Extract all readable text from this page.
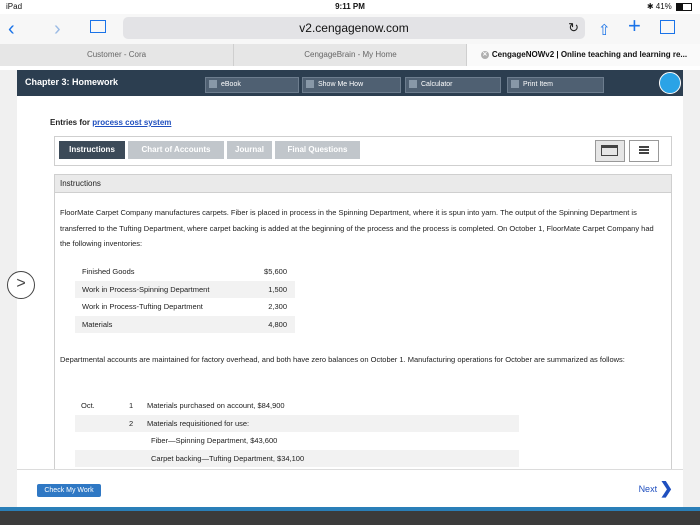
iPad	9:11 PM	✱ 41%
‹ ›	v2.cengagenow.com	↻ ⇧ +
Customer - Cora	CengageBrain - My Home	✕ CengageNOWv2 | Online teaching and learning re...
Chapter 3: Homework	eBook	Show Me How	Calculator	Print Item
Entries for process cost system
Instructions	Chart of Accounts	Journal	Final Questions
Instructions
FloorMate Carpet Company manufactures carpets. Fiber is placed in process in the Spinning Department, where it is spun into yarn. The output of the Spinning Department is transferred to the Tufting Department, where carpet backing is added at the beginning of the process and the process is completed. On October 1, FloorMate Carpet Company had the following inventories:
Finished Goods	$5,600
Work in Process-Spinning Department	1,500
Work in Process-Tufting Department	2,300
Materials	4,800
Departmental accounts are maintained for factory overhead, and both have zero balances on October 1. Manufacturing operations for October are summarized as follows:
Oct.	1 Materials purchased on account, $84,900
2 Materials requisitioned for use:
Fiber—Spinning Department, $43,600
Carpet backing—Tufting Department, $34,100
>
Check My Work	Next ❯
